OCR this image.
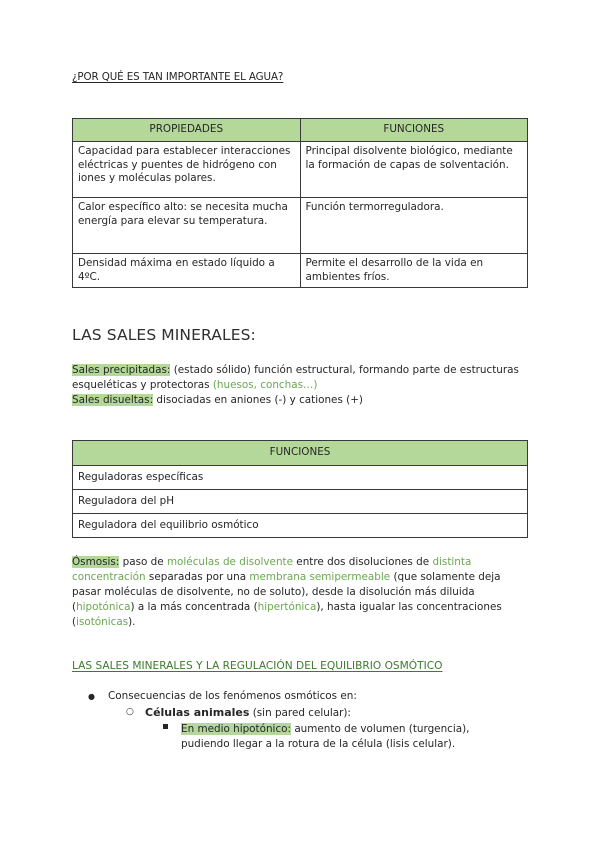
¿POR QUÉ ES TAN IMPORTANTE EL AGUA?
PROPIEDADES	FUNCIONES
Capacidad para establecer interacciones eléctricas y puentes de hidrógeno con iones y moléculas polares.	Principal disolvente biológico, mediante la formación de capas de solventación.
Calor específico alto: se necesita mucha energía para elevar su temperatura.	Función termorreguladora.
Densidad máxima en estado líquido a 4ºC.	Permite el desarrollo de la vida en ambientes fríos.
LAS SALES MINERALES:
Sales precipitadas: (estado sólido) función estructural, formando parte de estructuras esqueléticas y protectoras (huesos, conchas…)
Sales disueltas: disociadas en aniones (-) y cationes (+)
FUNCIONES
Reguladoras específicas
Reguladora del pH
Reguladora del equilibrio osmótico
Ósmosis: paso de moléculas de disolvente entre dos disoluciones de distinta concentración separadas por una membrana semipermeable (que solamente deja pasar moléculas de disolvente, no de soluto), desde la disolución más diluida (hipotónica) a la más concentrada (hipertónica), hasta igualar las concentraciones (isotónicas).
LAS SALES MINERALES Y LA REGULACIÓN DEL EQUILIBRIO OSMÓTICO
● Consecuencias de los fenómenos osmóticos en:
○ Células animales (sin pared celular):
En medio hipotónico: aumento de volumen (turgencia), pudiendo llegar a la rotura de la célula (lisis celular).
